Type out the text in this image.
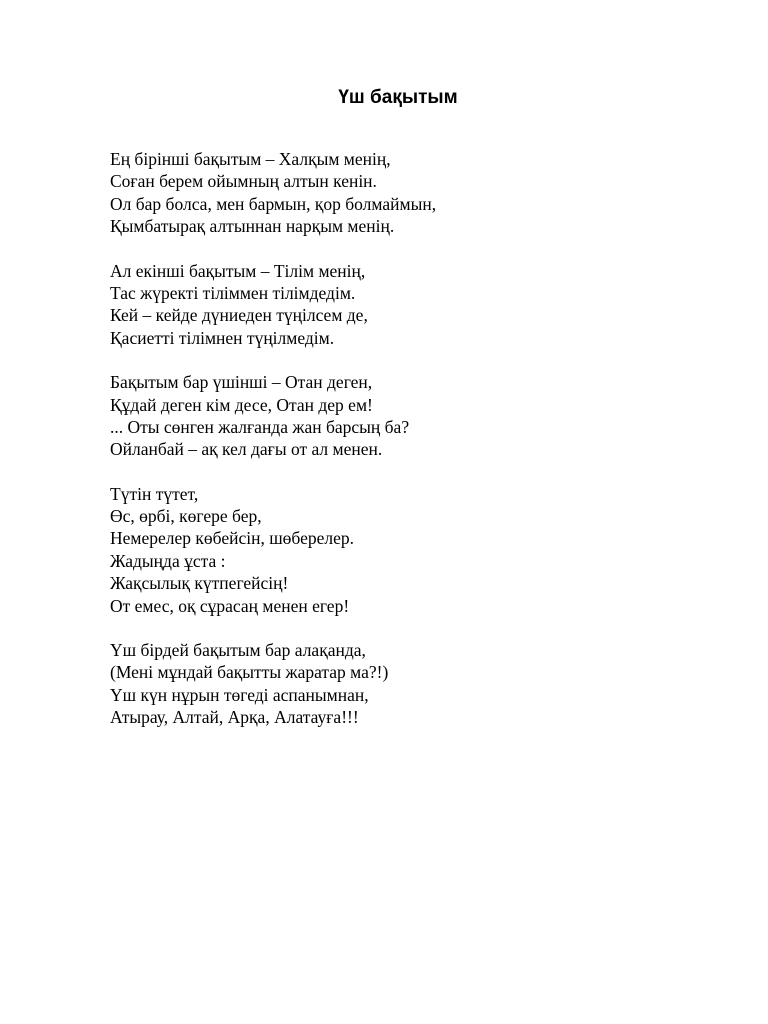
Үш бақытым
Ең бірінші бақытым – Халқым менің,
Соған берем ойымның алтын кенін.
Ол бар болса, мен бармын, қор болмаймын,
Қымбатырақ алтыннан нарқым менің.
Ал екінші бақытым – Тілім менің,
Тас жүректі тіліммен тілімдедім.
Кей – кейде дүниеден түңілсем де,
Қасиетті тілімнен түңілмедім.
Бақытым бар үшінші – Отан деген,
Құдай деген кім десе, Отан дер ем!
... Оты сөнген жалғанда жан барсың ба?
Ойланбай – ақ кел дағы от ал менен.
Түтін түтет,
Өс, өрбі, көгере бер,
Немерелер көбейсін, шөберелер.
Жадыңда ұста :
Жақсылық күтпегейсің!
От емес, оқ сұрасаң менен егер!
Үш бірдей бақытым бар алақанда,
(Мені мұндай бақытты жаратар ма?!)
Үш күн нұрын төгеді аспанымнан,
Атырау, Алтай, Арқа, Алатауға!!!
